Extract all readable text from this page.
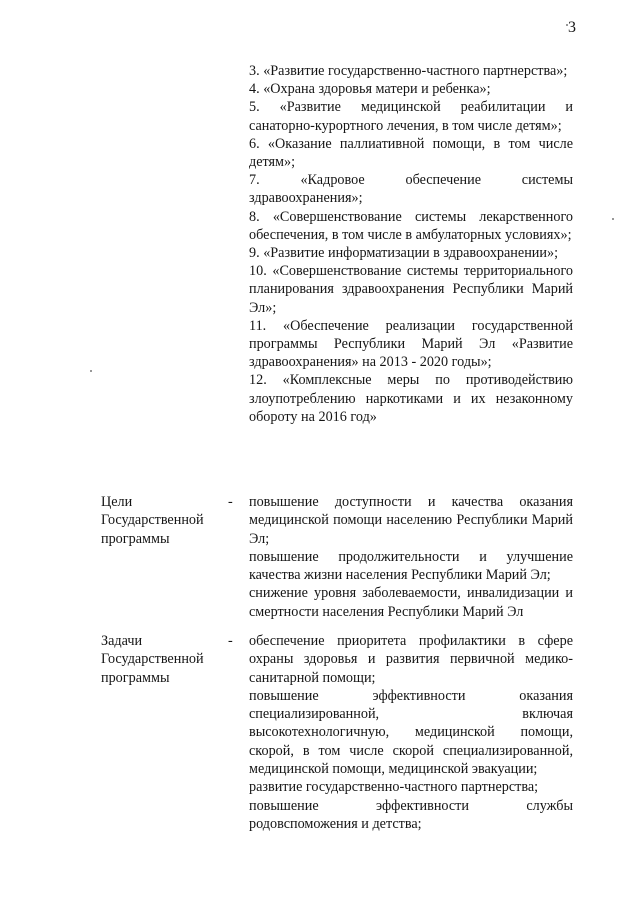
3
3. «Развитие государственно-частного партнерства»;
4. «Охрана здоровья матери и ребенка»;
5. «Развитие медицинской реабилитации и санаторно-курортного лечения, в том числе детям»;
6. «Оказание паллиативной помощи, в том числе детям»;
7. «Кадровое обеспечение системы здравоохранения»;
8. «Совершенствование системы лекарственного обеспечения, в том числе в амбулаторных условиях»;
9. «Развитие информатизации в здравоохранении»;
10. «Совершенствование системы территориального планирования здравоохранения Республики Марий Эл»;
11. «Обеспечение реализации государственной программы Республики Марий Эл «Развитие здравоохранения» на 2013 - 2020 годы»;
12. «Комплексные меры по противодействию злоупотреблению наркотиками и их незаконному обороту на 2016 год»
Цели Государственной программы
- повышение доступности и качества оказания медицинской помощи населению Республики Марий Эл;
повышение продолжительности и улучшение качества жизни населения Республики Марий Эл;
снижение уровня заболеваемости, инвалидизации и смертности населения Республики Марий Эл
Задачи Государственной программы
- обеспечение приоритета профилактики в сфере охраны здоровья и развития первичной медико-санитарной помощи;
повышение эффективности оказания специализированной, включая высокотехнологичную, медицинской помощи, скорой, в том числе скорой специализированной, медицинской помощи, медицинской эвакуации;
развитие государственно-частного партнерства;
повышение эффективности службы родовспоможения и детства;
